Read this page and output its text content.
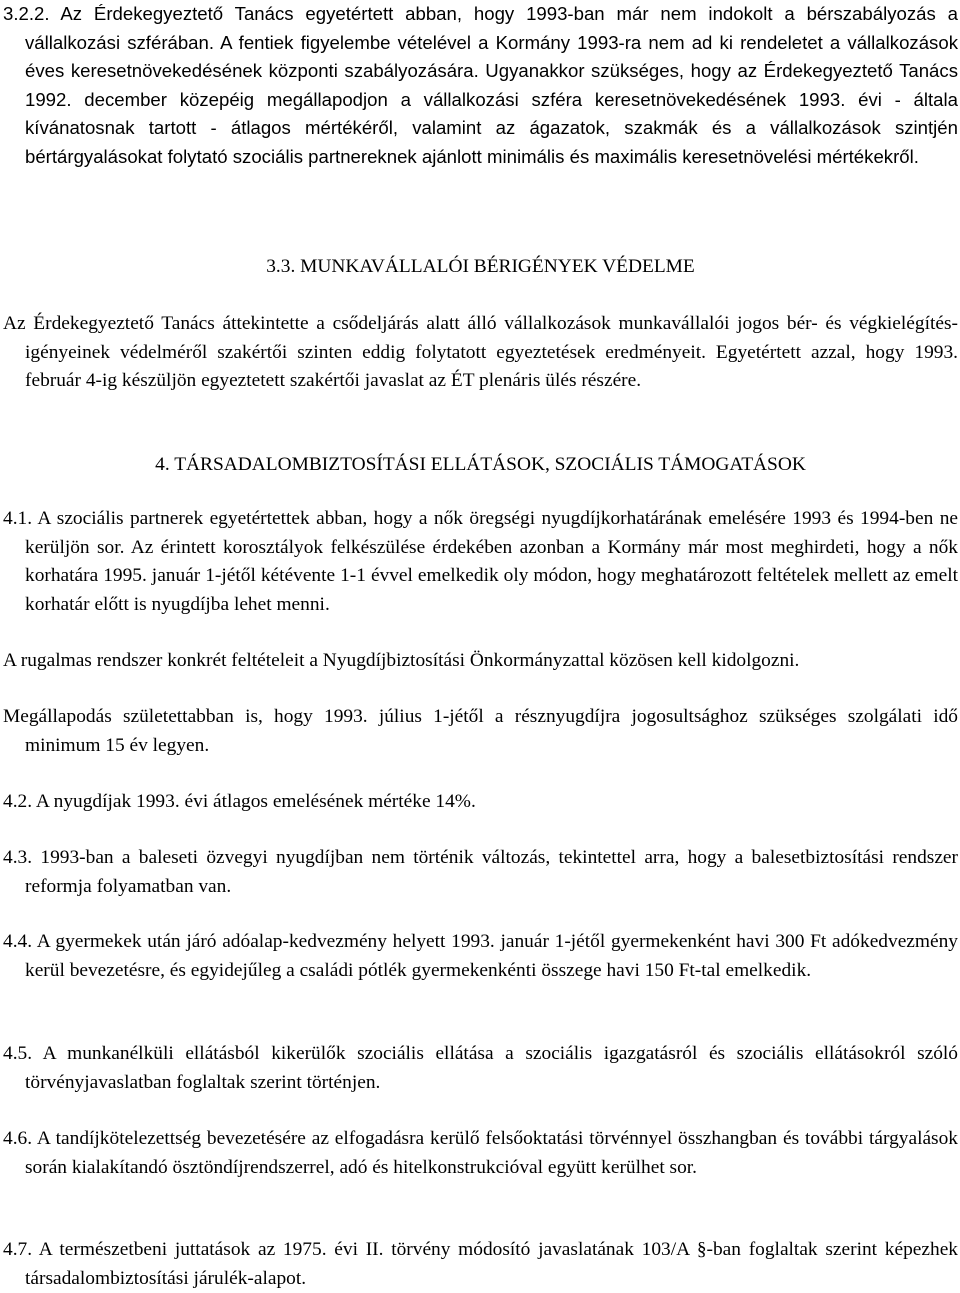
3.2.2. Az Érdekegyeztető Tanács egyetértett abban, hogy 1993-ban már nem indokolt a bérszabályozás a vállalkozási szférában. A fentiek figyelembe vételével a Kormány 1993-ra nem ad ki rendeletet a vállalkozások éves keresetnövekedésének központi szabályozására. Ugyanakkor szükséges, hogy az Érdekegyeztető Tanács 1992. december közepéig megállapodjon a vállalkozási szféra keresetnövekedésének 1993. évi - általa kívánatosnak tartott - átlagos mértékéről, valamint az ágazatok, szakmák és a vállalkozások szintjén bértárgyalásokat folytató szociális partnereknek ajánlott minimális és maximális keresetnövelési mértékekről.

3.3. MUNKAVÁLLALÓI BÉRIGÉNYEK VÉDELME

Az Érdekegyeztető Tanács áttekintette a csődeljárás alatt álló vállalkozások munkavállalói jogos bér- és végkielégítés-igényeinek védelméről szakértői szinten eddig folytatott egyeztetések eredményeit. Egyetértett azzal, hogy 1993. február 4-ig készüljön egyeztetett szakértői javaslat az ÉT plenáris ülés részére.

4. TÁRSADALOMBIZTOSÍTÁSI ELLÁTÁSOK, SZOCIÁLIS TÁMOGATÁSOK

4.1. A szociális partnerek egyetértettek abban, hogy a nők öregségi nyugdíjkorhatárának emelésére 1993 és 1994-ben ne kerüljön sor. Az érintett korosztályok felkészülése érdekében azonban a Kormány már most meghirdeti, hogy a nők korhatára 1995. január 1-jétől kétévente 1-1 évvel emelkedik oly módon, hogy meghatározott feltételek mellett az emelt korhatár előtt is nyugdíjba lehet menni.

A rugalmas rendszer konkrét feltételeit a Nyugdíjbiztosítási Önkormányzattal közösen kell kidolgozni.

Megállapodás születettabban is, hogy 1993. július 1-jétől a résznyugdíjra jogosultsághoz szükséges szolgálati idő minimum 15 év legyen.

4.2. A nyugdíjak 1993. évi átlagos emelésének mértéke 14%.

4.3. 1993-ban a baleseti özvegyi nyugdíjban nem történik változás, tekintettel arra, hogy a balesetbiztosítási rendszer reformja folyamatban van.

4.4. A gyermekek után járó adóalap-kedvezmény helyett 1993. január 1-jétől gyermekenként havi 300 Ft adókedvezmény kerül bevezetésre, és egyidejűleg a családi pótlék gyermekenkénti összege havi 150 Ft-tal emelkedik.

4.5. A munkanélküli ellátásból kikerülők szociális ellátása a szociális igazgatásról és szociális ellátásokról szóló törvényjavaslatban foglaltak szerint történjen.

4.6. A tandíjkötelezettség bevezetésére az elfogadásra kerülő felsőoktatási törvénnyel összhangban és további tárgyalások során kialakítandó ösztöndíjrendszerrel, adó és hitelkonstrukcióval együtt kerülhet sor.

4.7. A természetbeni juttatások az 1975. évi II. törvény módosító javaslatának 103/A §-ban foglaltak szerint képezhek társadalombiztosítási járulék-alapot.
